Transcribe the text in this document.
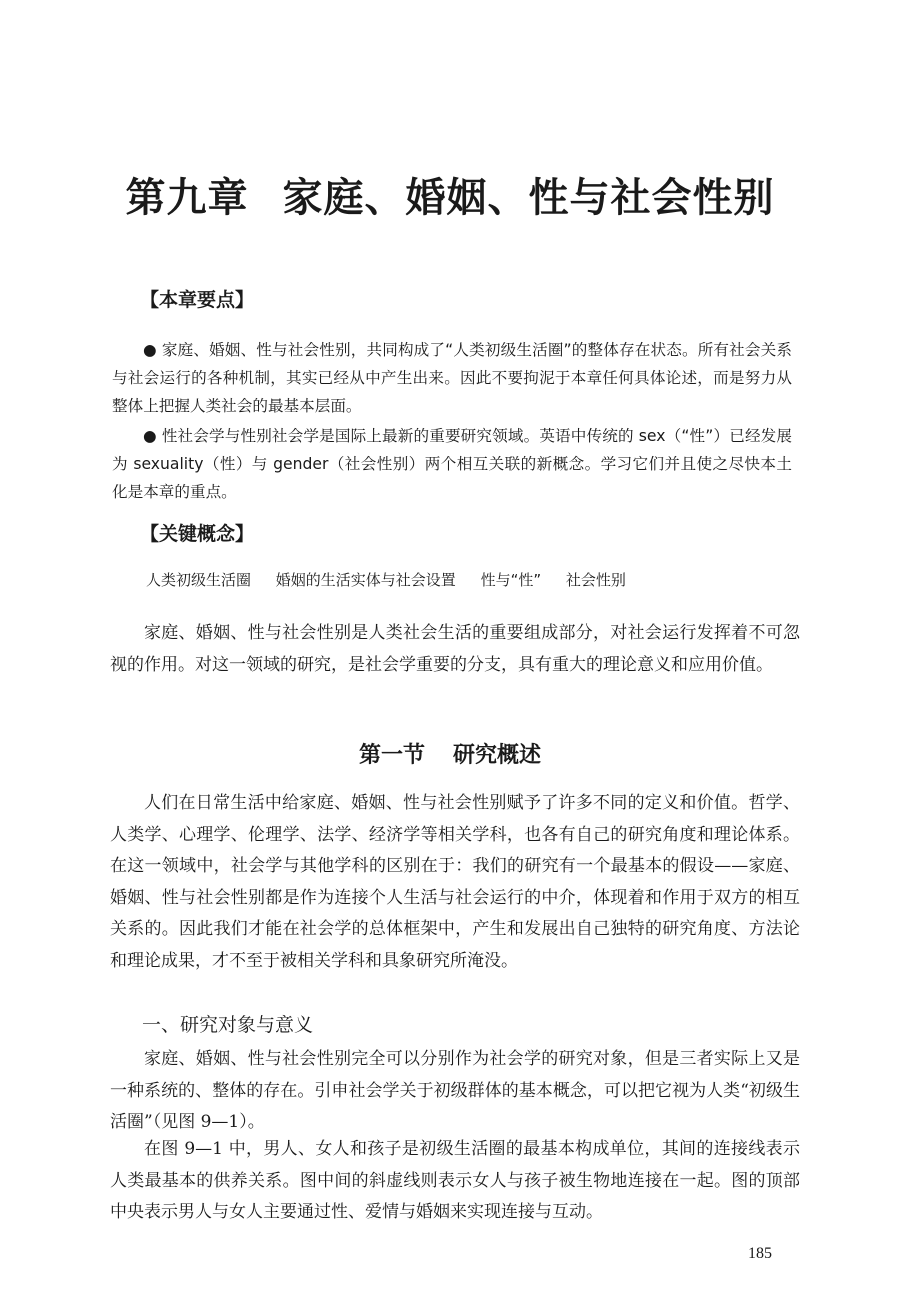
第九章 家庭、婚姻、性与社会性别
【本章要点】
● 家庭、婚姻、性与社会性别，共同构成了“人类初级生活圈”的整体存在状态。所有社会关系与社会运行的各种机制，其实已经从中产生出来。因此不要拘泥于本章任何具体论述，而是努力从整体上把握人类社会的最基本层面。
● 性社会学与性别社会学是国际上最新的重要研究领域。英语中传统的 sex（“性”）已经发展为 sexuality（性）与 gender（社会性别）两个相互关联的新概念。学习它们并且使之尽快本土化是本章的重点。
【关键概念】
人类初级生活圈 婚姻的生活实体与社会设置 性与“性” 社会性别
家庭、婚姻、性与社会性别是人类社会生活的重要组成部分，对社会运行发挥着不可忽视的作用。对这一领域的研究，是社会学重要的分支，具有重大的理论意义和应用价值。
第一节 研究概述
人们在日常生活中给家庭、婚姻、性与社会性别赋予了许多不同的定义和价值。哲学、人类学、心理学、伦理学、法学、经济学等相关学科，也各有自己的研究角度和理论体系。在这一领域中，社会学与其他学科的区别在于：我们的研究有一个最基本的假设——家庭、婚姻、性与社会性别都是作为连接个人生活与社会运行的中介，体现着和作用于双方的相互关系的。因此我们才能在社会学的总体框架中，产生和发展出自己独特的研究角度、方法论和理论成果，才不至于被相关学科和具象研究所淹没。
一、研究对象与意义
家庭、婚姻、性与社会性别完全可以分别作为社会学的研究对象，但是三者实际上又是一种系统的、整体的存在。引申社会学关于初级群体的基本概念，可以把它视为人类“初级生活圈”（见图 9—1）。
在图 9—1 中，男人、女人和孩子是初级生活圈的最基本构成单位，其间的连接线表示人类最基本的供养关系。图中间的斜虚线则表示女人与孩子被生物地连接在一起。图的顶部中央表示男人与女人主要通过性、爱情与婚姻来实现连接与互动。
185
